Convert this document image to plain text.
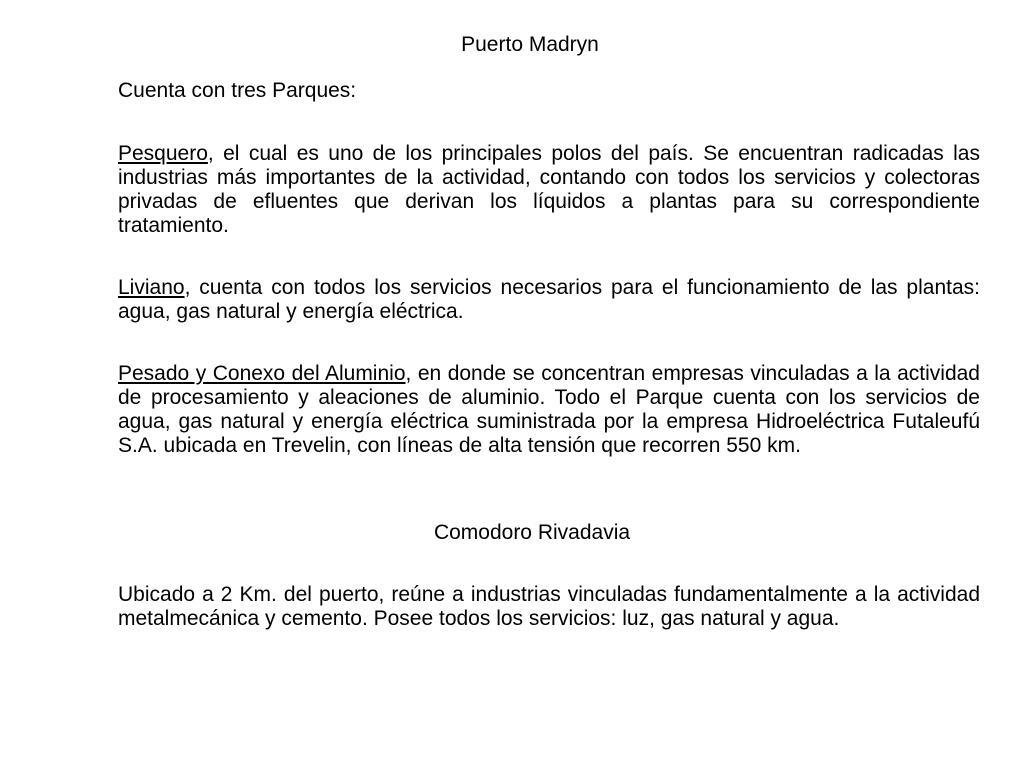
Puerto Madryn

Cuenta con tres Parques:

Pesquero, el cual es uno de los principales polos del país. Se encuentran radicadas las industrias más importantes de la actividad, contando con todos los servicios y colectoras privadas de efluentes que derivan los líquidos a plantas para su correspondiente tratamiento.

Liviano, cuenta con todos los servicios necesarios para el funcionamiento de las plantas: agua, gas natural y energía eléctrica.

Pesado y Conexo del Aluminio, en donde se concentran empresas vinculadas a la actividad de procesamiento y aleaciones de aluminio. Todo el Parque cuenta con los servicios de agua, gas natural y energía eléctrica suministrada por la empresa Hidroeléctrica Futaleufú S.A. ubicada en Trevelin, con líneas de alta tensión que recorren 550 km.

Comodoro Rivadavia

Ubicado a 2 Km. del puerto, reúne a industrias vinculadas fundamentalmente a la actividad metalmecánica y cemento. Posee todos los servicios: luz, gas natural y agua.
